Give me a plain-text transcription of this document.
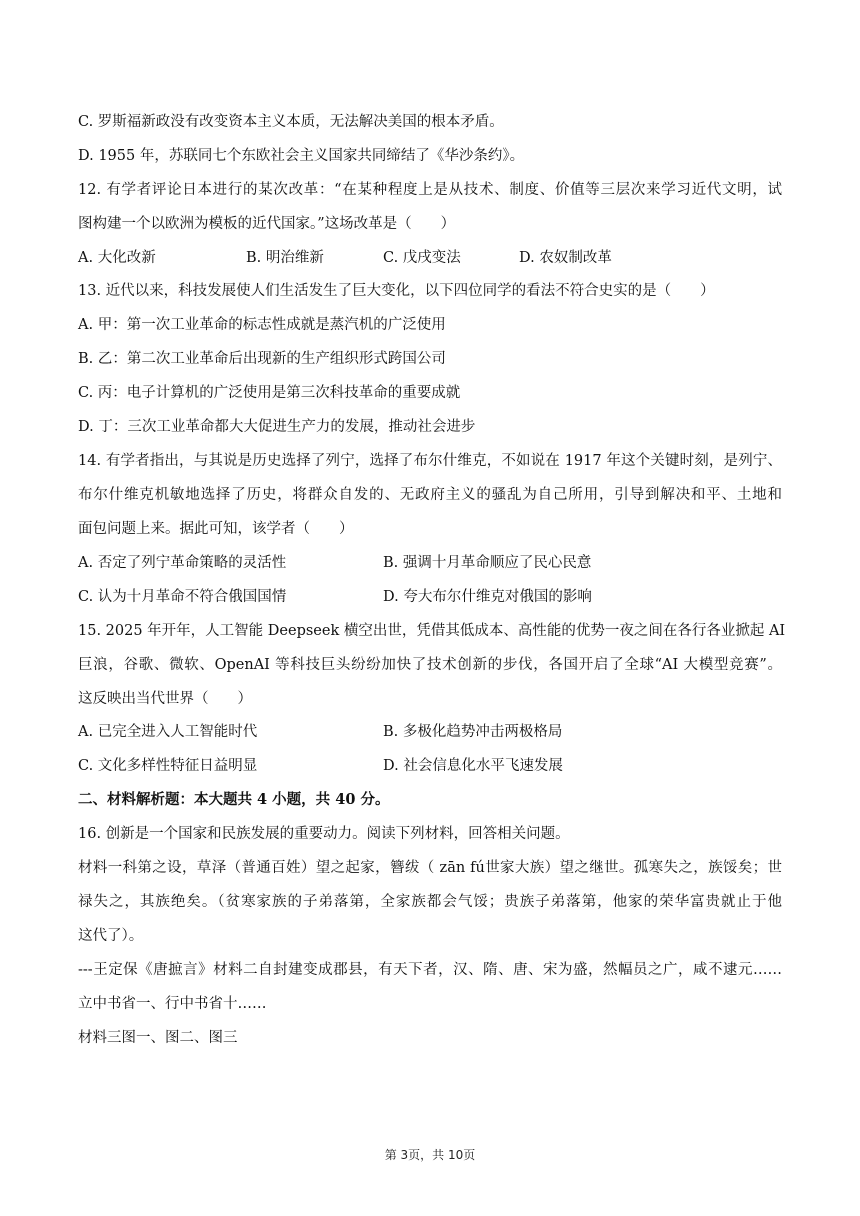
C. 罗斯福新政没有改变资本主义本质，无法解决美国的根本矛盾。
D. 1955 年，苏联同七个东欧社会主义国家共同缔结了《华沙条约》。
12. 有学者评论日本进行的某次改革：“在某种程度上是从技术、制度、价值等三层次来学习近代文明，试
图构建一个以欧洲为模板的近代国家。”这场改革是（　　）
A. 大化改新	B. 明治维新	C. 戊戌变法	D. 农奴制改革
13. 近代以来，科技发展使人们生活发生了巨大变化，以下四位同学的看法不符合史实的是（　　）
A. 甲：第一次工业革命的标志性成就是蒸汽机的广泛使用
B. 乙：第二次工业革命后出现新的生产组织形式跨国公司
C. 丙：电子计算机的广泛使用是第三次科技革命的重要成就
D. 丁：三次工业革命都大大促进生产力的发展，推动社会进步
14. 有学者指出，与其说是历史选择了列宁，选择了布尔什维克，不如说在 1917 年这个关键时刻，是列宁、
布尔什维克机敏地选择了历史，将群众自发的、无政府主义的骚乱为自己所用，引导到解决和平、土地和
面包问题上来。据此可知，该学者（　　）
A. 否定了列宁革命策略的灵活性	B. 强调十月革命顺应了民心民意
C. 认为十月革命不符合俄国国情	D. 夸大布尔什维克对俄国的影响
15. 2025 年开年，人工智能 Deepseek 横空出世，凭借其低成本、高性能的优势一夜之间在各行各业掀起 AI
巨浪，谷歌、微软、OpenAI 等科技巨头纷纷加快了技术创新的步伐，各国开启了全球“AI 大模型竞赛”。
这反映出当代世界（　　）
A. 已完全进入人工智能时代	B. 多极化趋势冲击两极格局
C. 文化多样性特征日益明显	D. 社会信息化水平飞速发展
二、材料解析题：本大题共 4 小题，共 40 分。
16. 创新是一个国家和民族发展的重要动力。阅读下列材料，回答相关问题。
材料一科第之设，草泽（普通百姓）望之起家，簪绂（ zān fú世家大族）望之继世。孤寒失之，族馁矣；世
禄失之，其族绝矣。（贫寒家族的子弟落第，全家族都会气馁；贵族子弟落第，他家的荣华富贵就止于他
这代了）。
---王定保《唐摭言》材料二自封建变成郡县，有天下者，汉、隋、唐、宋为盛，然幅员之广，咸不逮元……
立中书省一、行中书省十……
材料三图一、图二、图三
第 3页，共 10页
